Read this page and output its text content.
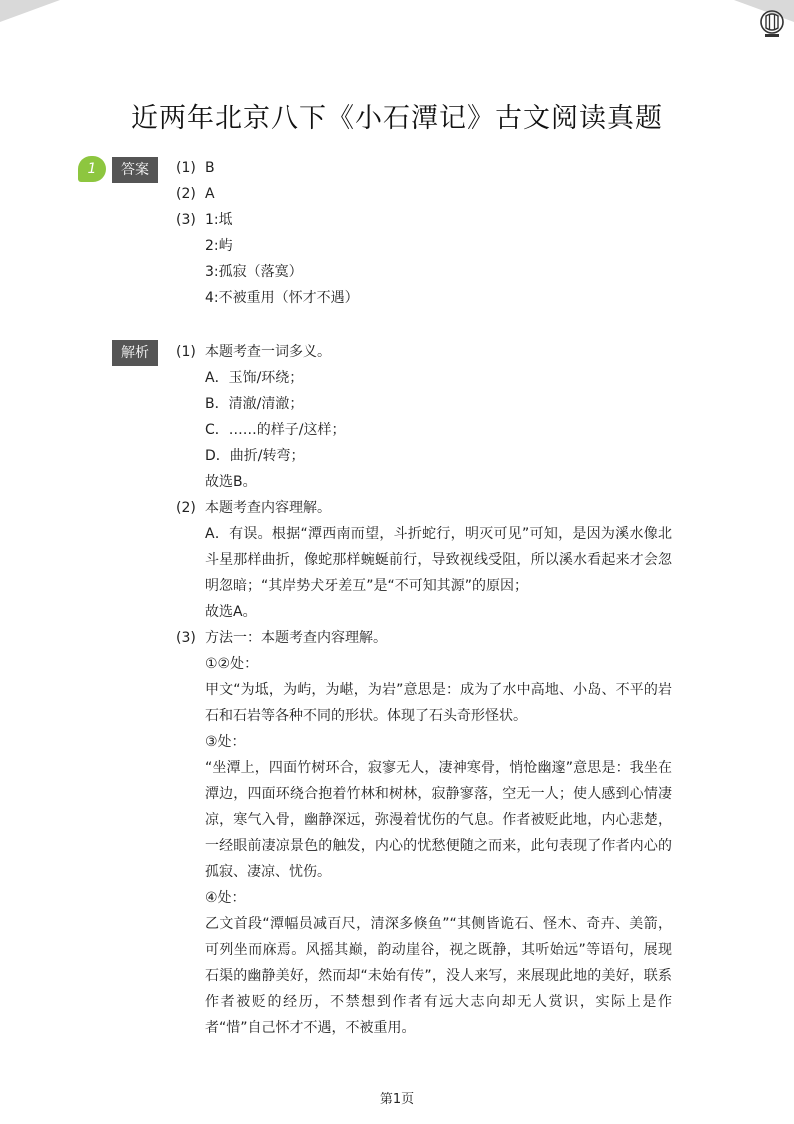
近两年北京八下《小石潭记》古文阅读真题
1	答案
解析
(1) B
(2) A
(3) 1:坻
2:屿
3:孤寂（落寞）
4:不被重用（怀才不遇）
(1) 本题考查一词多义。
A．玉饰/环绕；
B．清澈/清澈；
C．……的样子/这样；
D．曲折/转弯；
故选B。
(2) 本题考查内容理解。
A．有误。根据“潭西南而望，斗折蛇行，明灭可见”可知，是因为溪水像北斗星那样曲折，像蛇那样蜿蜒前行，导致视线受阻，所以溪水看起来才会忽明忽暗；“其岸势犬牙差互”是“不可知其源”的原因；
故选A。
(3) 方法一：本题考查内容理解。
①②处：
甲文“为坻，为屿，为嵁，为岩”意思是：成为了水中高地、小岛、不平的岩石和石岩等各种不同的形状。体现了石头奇形怪状。
③处：
“坐潭上，四面竹树环合，寂寥无人，凄神寒骨，悄怆幽邃”意思是：我坐在潭边，四面环绕合抱着竹林和树林，寂静寥落，空无一人；使人感到心情凄凉，寒气入骨，幽静深远，弥漫着忧伤的气息。作者被贬此地，内心悲楚，一经眼前凄凉景色的触发，内心的忧愁便随之而来，此句表现了作者内心的孤寂、凄凉、忧伤。
④处：
乙文首段“潭幅员减百尺，清深多倏鱼”“其侧皆诡石、怪木、奇卉、美箭，可列坐而庥焉。风摇其巅，韵动崖谷，视之既静，其听始远”等语句，展现石渠的幽静美好，然而却“未始有传”，没人来写，来展现此地的美好，联系作者被贬的经历，不禁想到作者有远大志向却无人赏识，实际上是作者“惜”自己怀才不遇，不被重用。
第1页
